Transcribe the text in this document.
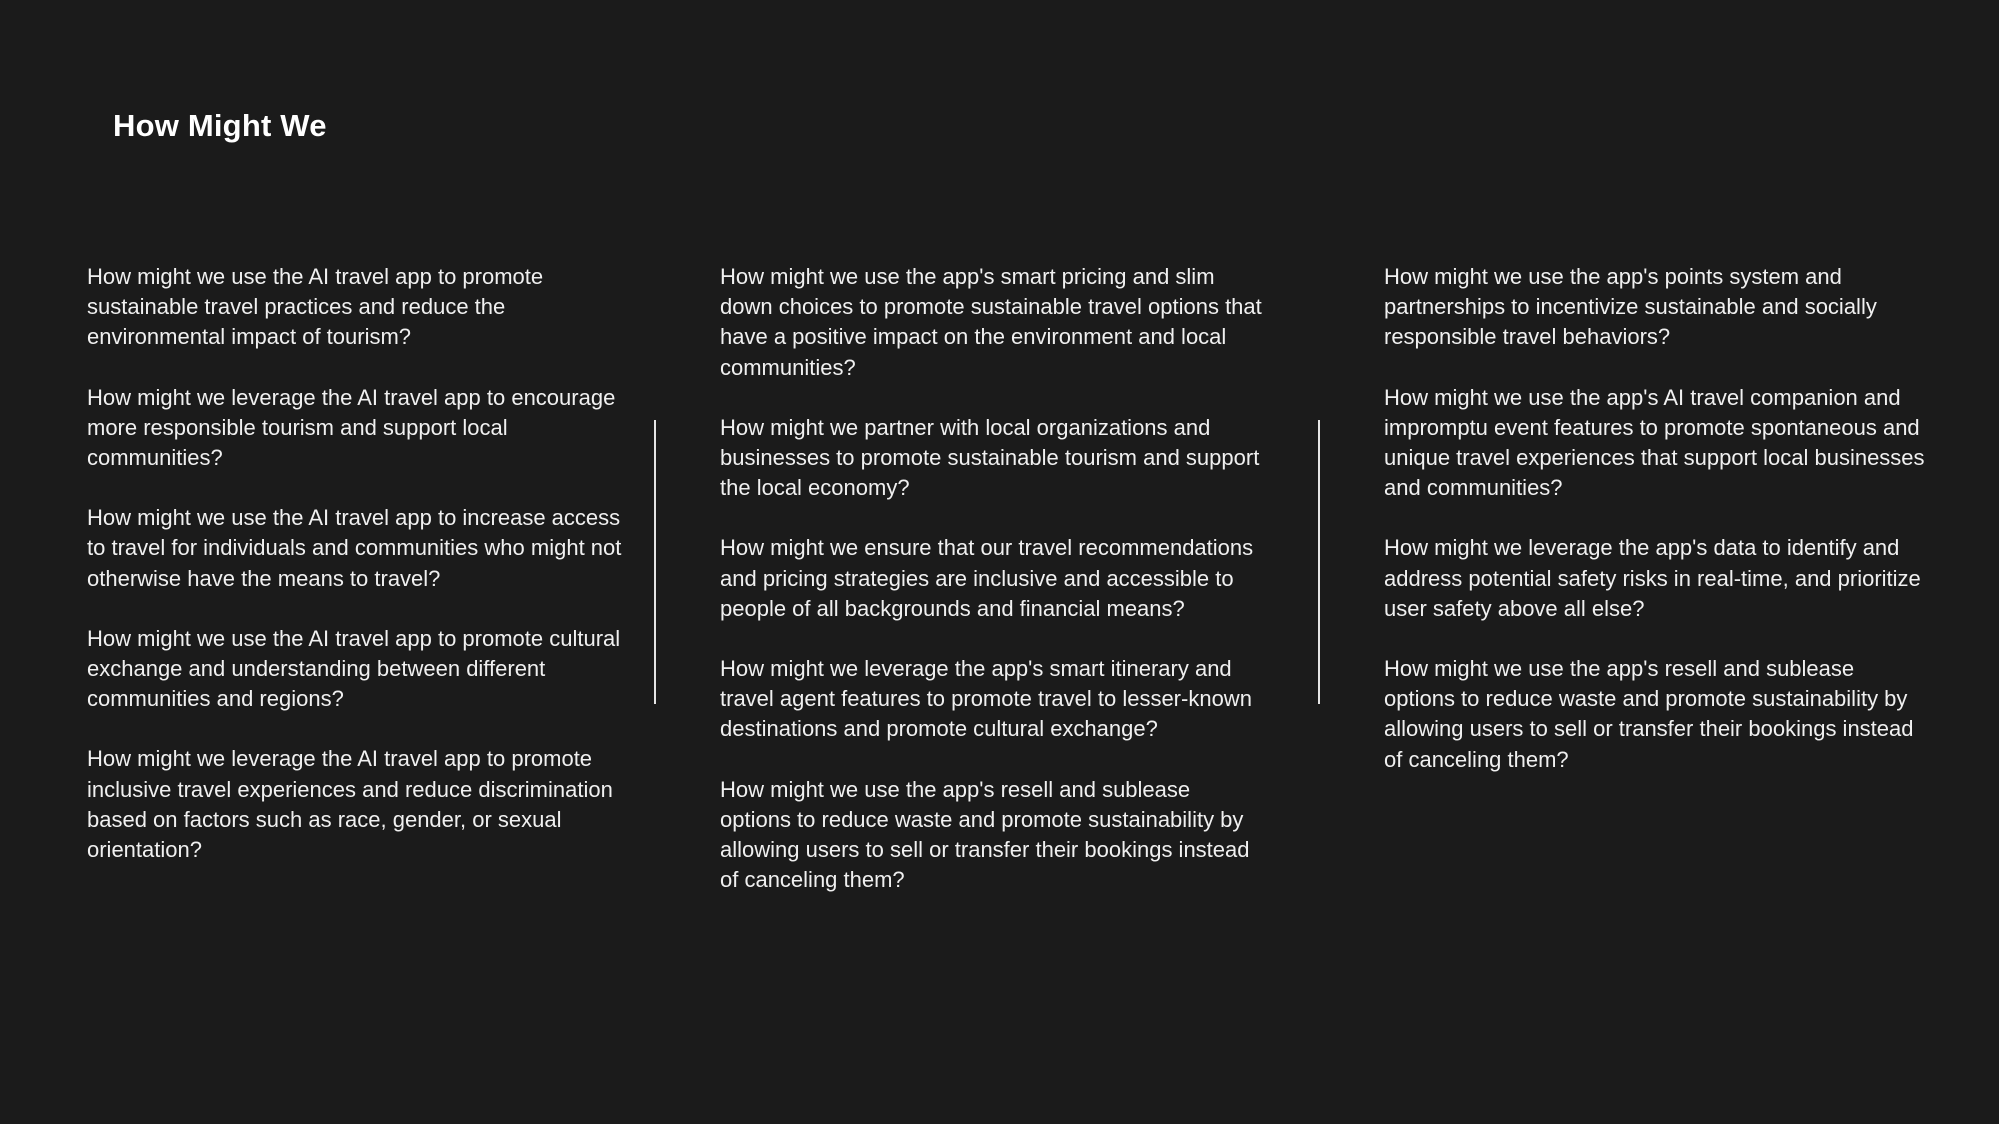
How Might We

How might we use the AI travel app to promote sustainable travel practices and reduce the environmental impact of tourism?

How might we leverage the AI travel app to encourage more responsible tourism and support local communities?

How might we use the AI travel app to increase access to travel for individuals and communities who might not otherwise have the means to travel?

How might we use the AI travel app to promote cultural exchange and understanding between different communities and regions?

How might we leverage the AI travel app to promote inclusive travel experiences and reduce discrimination based on factors such as race, gender, or sexual orientation?

How might we use the app's smart pricing and slim down choices to promote sustainable travel options that have a positive impact on the environment and local communities?

How might we partner with local organizations and businesses to promote sustainable tourism and support the local economy?

How might we ensure that our travel recommendations and pricing strategies are inclusive and accessible to people of all backgrounds and financial means?

How might we leverage the app's smart itinerary and travel agent features to promote travel to lesser-known destinations and promote cultural exchange?

How might we use the app's resell and sublease options to reduce waste and promote sustainability by allowing users to sell or transfer their bookings instead of canceling them?

How might we use the app's points system and partnerships to incentivize sustainable and socially responsible travel behaviors?

How might we use the app's AI travel companion and impromptu event features to promote spontaneous and unique travel experiences that support local businesses and communities?

How might we leverage the app's data to identify and address potential safety risks in real-time, and prioritize user safety above all else?

How might we use the app's resell and sublease options to reduce waste and promote sustainability by allowing users to sell or transfer their bookings instead of canceling them?
